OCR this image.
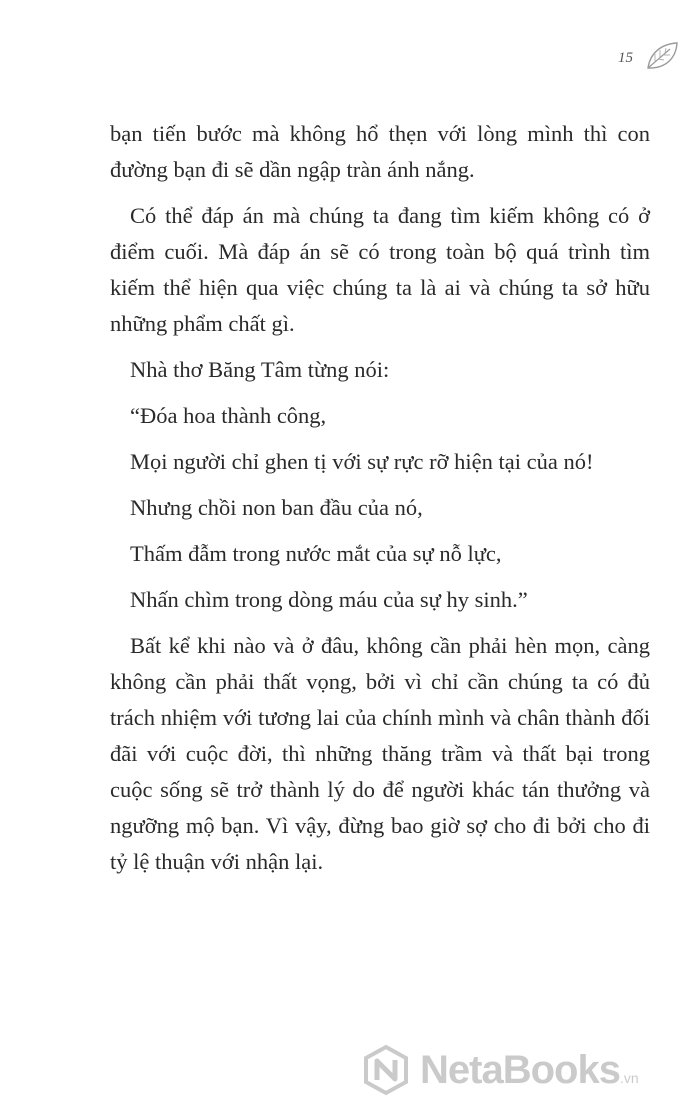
15

bạn tiến bước mà không hổ thẹn với lòng mình thì con đường bạn đi sẽ dần ngập tràn ánh nắng.

Có thể đáp án mà chúng ta đang tìm kiếm không có ở điểm cuối. Mà đáp án sẽ có trong toàn bộ quá trình tìm kiếm thể hiện qua việc chúng ta là ai và chúng ta sở hữu những phẩm chất gì.

Nhà thơ Băng Tâm từng nói:

“Đóa hoa thành công,

Mọi người chỉ ghen tị với sự rực rỡ hiện tại của nó!

Nhưng chồi non ban đầu của nó,

Thấm đẫm trong nước mắt của sự nỗ lực,

Nhấn chìm trong dòng máu của sự hy sinh.”

Bất kể khi nào và ở đâu, không cần phải hèn mọn, càng không cần phải thất vọng, bởi vì chỉ cần chúng ta có đủ trách nhiệm với tương lai của chính mình và chân thành đối đãi với cuộc đời, thì những thăng trầm và thất bại trong cuộc sống sẽ trở thành lý do để người khác tán thưởng và ngưỡng mộ bạn. Vì vậy, đừng bao giờ sợ cho đi bởi cho đi tỷ lệ thuận với nhận lại.

NetaBooks.vn
